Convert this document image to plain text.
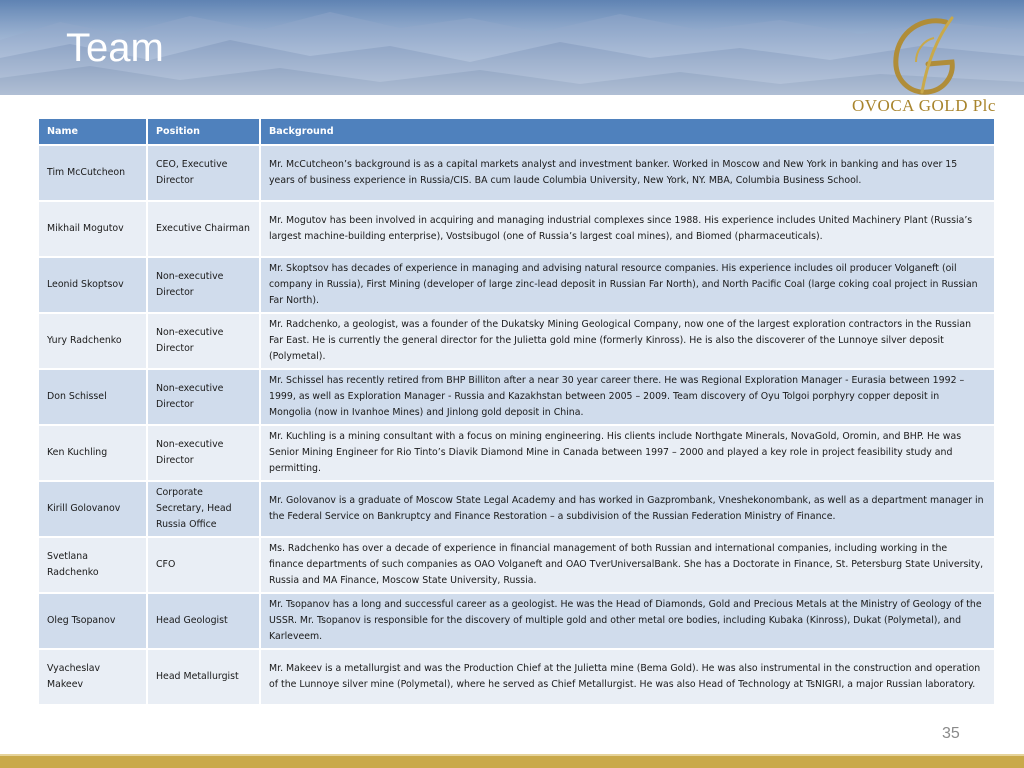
Team
OVOCA GOLD Plc
Name	Position	Background
Tim McCutcheon	CEO, Executive Director	Mr. McCutcheon’s background is as a capital markets analyst and investment banker. Worked in Moscow and New York in banking and has over 15 years of business experience in Russia/CIS. BA cum laude Columbia University, New York, NY. MBA, Columbia Business School.
Mikhail Mogutov	Executive Chairman	Mr. Mogutov has been involved in acquiring and managing industrial complexes since 1988. His experience includes United Machinery Plant (Russia’s largest machine-building enterprise), Vostsibugol (one of Russia’s largest coal mines), and Biomed (pharmaceuticals).
Leonid Skoptsov	Non-executive Director	Mr. Skoptsov has decades of experience in managing and advising natural resource companies. His experience includes oil producer Volganeft (oil company in Russia), First Mining (developer of large zinc-lead deposit in Russian Far North), and North Pacific Coal (large coking coal project in Russian Far North).
Yury Radchenko	Non-executive Director	Mr. Radchenko, a geologist, was a founder of the Dukatsky Mining Geological Company, now one of the largest exploration contractors in the Russian Far East. He is currently the general director for the Julietta gold mine (formerly Kinross). He is also the discoverer of the Lunnoye silver deposit (Polymetal).
Don Schissel	Non-executive Director	Mr. Schissel has recently retired from BHP Billiton after a near 30 year career there. He was Regional Exploration Manager - Eurasia between 1992 – 1999, as well as Exploration Manager - Russia and Kazakhstan between 2005 – 2009. Team discovery of Oyu Tolgoi porphyry copper deposit in Mongolia (now in Ivanhoe Mines) and Jinlong gold deposit in China.
Ken Kuchling	Non-executive Director	Mr. Kuchling is a mining consultant with a focus on mining engineering. His clients include Northgate Minerals, NovaGold, Oromin, and BHP. He was Senior Mining Engineer for Rio Tinto’s Diavik Diamond Mine in Canada between 1997 – 2000 and played a key role in project feasibility study and permitting.
Kirill Golovanov	Corporate Secretary, Head Russia Office	Mr. Golovanov is a graduate of Moscow State Legal Academy and has worked in Gazprombank, Vneshekonombank, as well as a department manager in the Federal Service on Bankruptcy and Finance Restoration – a subdivision of the Russian Federation Ministry of Finance.
Svetlana Radchenko	CFO	Ms. Radchenko has over a decade of experience in financial management of both Russian and international companies, including working in the finance departments of such companies as OAO Volganeft and OAO TverUniversalBank. She has a Doctorate in Finance, St. Petersburg State University, Russia and MA Finance, Moscow State University, Russia.
Oleg Tsopanov	Head Geologist	Mr. Tsopanov has a long and successful career as a geologist. He was the Head of Diamonds, Gold and Precious Metals at the Ministry of Geology of the USSR. Mr. Tsopanov is responsible for the discovery of multiple gold and other metal ore bodies, including Kubaka (Kinross), Dukat (Polymetal), and Karleveem.
Vyacheslav Makeev	Head Metallurgist	Mr. Makeev is a metallurgist and was the Production Chief at the Julietta mine (Bema Gold). He was also instrumental in the construction and operation of the Lunnoye silver mine (Polymetal), where he served as Chief Metallurgist. He was also Head of Technology at TsNIGRI, a major Russian laboratory.
35
